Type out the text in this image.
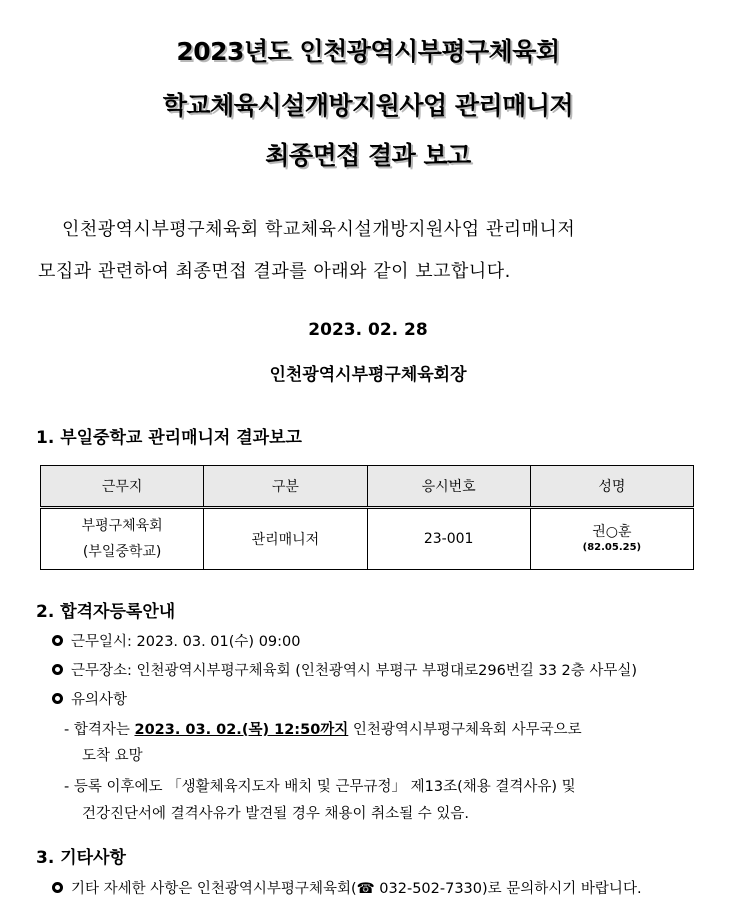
2023년도 인천광역시부평구체육회
학교체육시설개방지원사업 관리매니저
최종면접 결과 보고
인천광역시부평구체육회 학교체육시설개방지원사업 관리매니저
모집과 관련하여 최종면접 결과를 아래와 같이 보고합니다.
2023. 02. 28
인천광역시부평구체육회장
1. 부일중학교 관리매니저 결과보고
근무지	구분	응시번호	성명

부평구체육회
(부일중학교)	관리매니저	23-001	권○훈
(82.05.25)
2. 합격자등록안내
근무일시: 2023. 03. 01(수) 09:00
근무장소: 인천광역시부평구체육회 (인천광역시 부평구 부평대로296번길 33 2층 사무실)
유의사항
- 합격자는 2023. 03. 02.(목) 12:50까지 인천광역시부평구체육회 사무국으로
도착 요망
- 등록 이후에도 「생활체육지도자 배치 및 근무규정」 제13조(채용 결격사유) 및
건강진단서에 결격사유가 발견될 경우 채용이 취소될 수 있음.
3. 기타사항
기타 자세한 사항은 인천광역시부평구체육회(☎ 032-502-7330)로 문의하시기 바랍니다.
